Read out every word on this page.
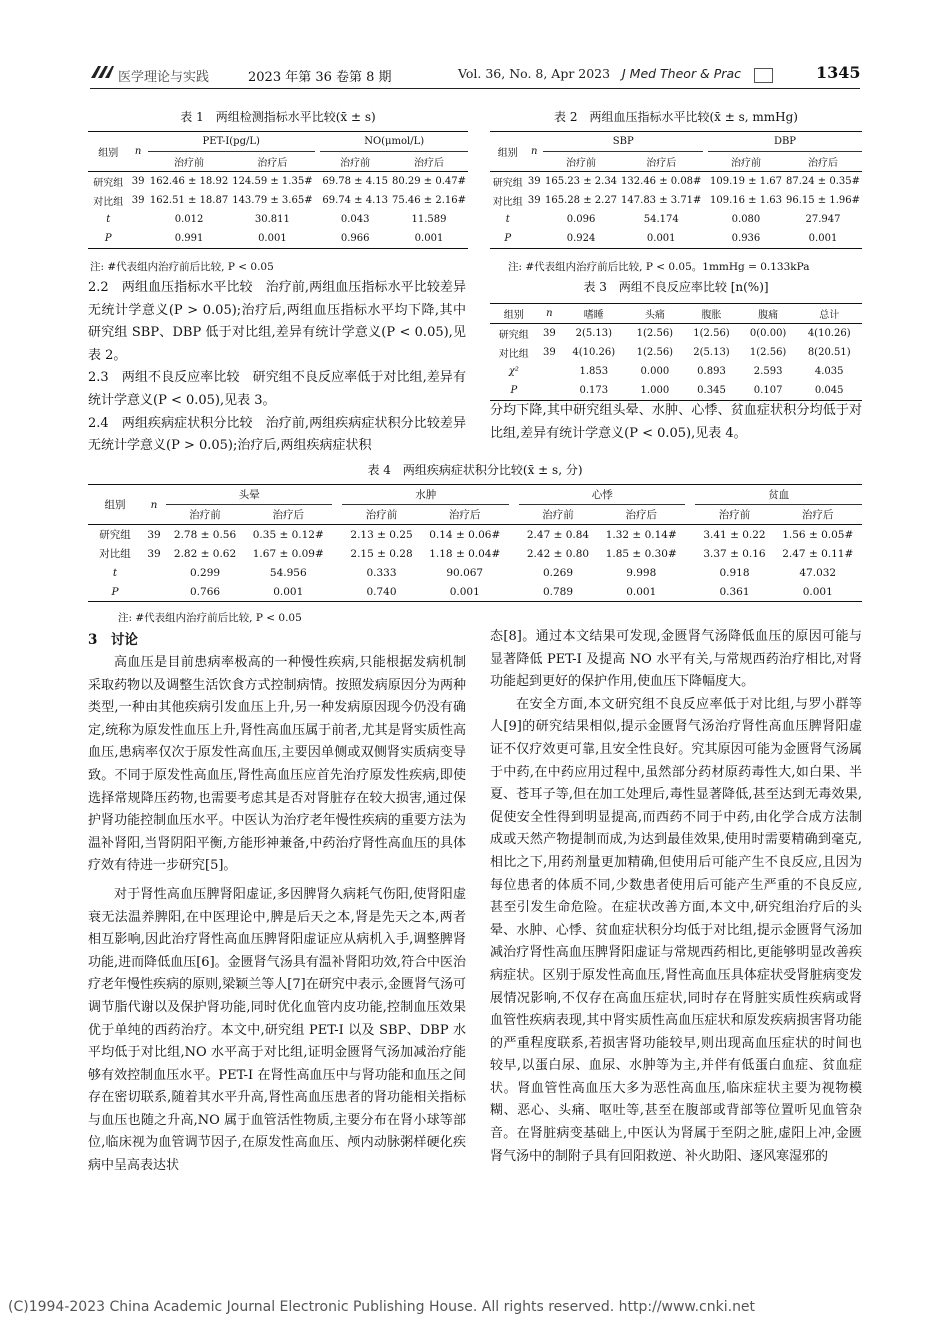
医学理论与实践	2023 年第 36 卷第 8 期	Vol. 36, No. 8, Apr 2023 J Med Theor & Prac	1345
表 1　两组检测指标水平比较(x̄ ± s)
组别	n	PET-I(pg/L)			NO(μmol/L)	
		治疗前	治疗后		治疗前	治疗后
研究组	39	162.46 ± 18.92	124.59 ± 1.35#		69.78 ± 4.15	80.29 ± 0.47#
对比组	39	162.51 ± 18.87	143.79 ± 3.65#		69.74 ± 4.13	75.46 ± 2.16#
t		0.012	30.811		0.043	11.589
P		0.991	0.001		0.966	0.001
注: #代表组内治疗前后比较, P < 0.05
表 2　两组血压指标水平比较(x̄ ± s, mmHg)
组别	n	SBP			DBP	
		治疗前	治疗后		治疗前	治疗后
研究组	39	165.23 ± 2.34	132.46 ± 0.08#		109.19 ± 1.67	87.24 ± 0.35#
对比组	39	165.28 ± 2.27	147.83 ± 3.71#		109.16 ± 1.63	96.15 ± 1.96#
t		0.096	54.174		0.080	27.947
P		0.924	0.001		0.936	0.001
注: #代表组内治疗前后比较, P < 0.05。1mmHg = 0.133kPa
表 3　两组不良反应率比较 [n(%)]
组别	n	嗜睡	头痛	腹胀	腹痛	总计
研究组	39	2(5.13)	1(2.56)	1(2.56)	0(0.00)	4(10.26)
对比组	39	4(10.26)	1(2.56)	2(5.13)	1(2.56)	8(20.51)
χ²		1.853	0.000	0.893	2.593	4.035
P		0.173	1.000	0.345	0.107	0.045

2.2　两组血压指标水平比较　治疗前,两组血压指标水平比较差异无统计学意义(P > 0.05);治疗后,两组血压指标水平均下降,其中研究组 SBP、DBP 低于对比组,差异有统计学意义(P < 0.05),见表 2。

2.3　两组不良反应率比较　研究组不良反应率低于对比组,差异有统计学意义(P < 0.05),见表 3。

2.4　两组疾病症状积分比较　治疗前,两组疾病症状积分比较差异无统计学意义(P > 0.05);治疗后,两组疾病症状积

分均下降,其中研究组头晕、水肿、心悸、贫血症状积分均低于对比组,差异有统计学意义(P < 0.05),见表 4。

表 4　两组疾病症状积分比较(x̄ ± s, 分)
组别	n	头晕			水肿			心悸			贫血	
		治疗前	治疗后		治疗前	治疗后		治疗前	治疗后		治疗前	治疗后
研究组	39	2.78 ± 0.56	0.35 ± 0.12#		2.13 ± 0.25	0.14 ± 0.06#		2.47 ± 0.84	1.32 ± 0.14#		3.41 ± 0.22	1.56 ± 0.05#
对比组	39	2.82 ± 0.62	1.67 ± 0.09#		2.15 ± 0.28	1.18 ± 0.04#		2.42 ± 0.80	1.85 ± 0.30#		3.37 ± 0.16	2.47 ± 0.11#
t		0.299	54.956		0.333	90.067		0.269	9.998		0.918	47.032
P		0.766	0.001		0.740	0.001		0.789	0.001		0.361	0.001
注: #代表组内治疗前后比较, P < 0.05
3　讨论

高血压是目前患病率极高的一种慢性疾病,只能根据发病机制采取药物以及调整生活饮食方式控制病情。按照发病原因分为两种类型,一种由其他疾病引发血压上升,另一种发病原因现今仍没有确定,统称为原发性血压上升,肾性高血压属于前者,尤其是肾实质性高血压,患病率仅次于原发性高血压,主要因单侧或双侧肾实质病变导致。不同于原发性高血压,肾性高血压应首先治疗原发性疾病,即使选择常规降压药物,也需要考虑其是否对肾脏存在较大损害,通过保护肾功能控制血压水平。中医认为治疗老年慢性疾病的重要方法为温补肾阳,当肾阴阳平衡,方能形神兼备,中药治疗肾性高血压的具体疗效有待进一步研究[5]。

对于肾性高血压脾肾阳虚证,多因脾肾久病耗气伤阳,使肾阳虚衰无法温养脾阳,在中医理论中,脾是后天之本,肾是先天之本,两者相互影响,因此治疗肾性高血压脾肾阳虚证应从病机入手,调整脾肾功能,进而降低血压[6]。金匮肾气汤具有温补肾阳功效,符合中医治疗老年慢性疾病的原则,梁颖兰等人[7]在研究中表示,金匮肾气汤可调节脂代谢以及保护肾功能,同时优化血管内皮功能,控制血压效果优于单纯的西药治疗。本文中,研究组 PET-I 以及 SBP、DBP 水平均低于对比组,NO 水平高于对比组,证明金匮肾气汤加减治疗能够有效控制血压水平。PET-I 在肾性高血压中与肾功能和血压之间存在密切联系,随着其水平升高,肾性高血压患者的肾功能相关指标与血压也随之升高,NO 属于血管活性物质,主要分布在肾小球等部位,临床视为血管调节因子,在原发性高血压、颅内动脉粥样硬化疾病中呈高表达状

态[8]。通过本文结果可发现,金匮肾气汤降低血压的原因可能与显著降低 PET-I 及提高 NO 水平有关,与常规西药治疗相比,对肾功能起到更好的保护作用,使血压下降幅度大。

在安全方面,本文研究组不良反应率低于对比组,与罗小群等人[9]的研究结果相似,提示金匮肾气汤治疗肾性高血压脾肾阳虚证不仅疗效更可靠,且安全性良好。究其原因可能为金匮肾气汤属于中药,在中药应用过程中,虽然部分药材原药毒性大,如白果、半夏、苍耳子等,但在加工处理后,毒性显著降低,甚至达到无毒效果,促使安全性得到明显提高,而西药不同于中药,由化学合成方法制成或天然产物提制而成,为达到最佳效果,使用时需要精确到毫克,相比之下,用药剂量更加精确,但使用后可能产生不良反应,且因为每位患者的体质不同,少数患者使用后可能产生严重的不良反应,甚至引发生命危险。在症状改善方面,本文中,研究组治疗后的头晕、水肿、心悸、贫血症状积分均低于对比组,提示金匮肾气汤加减治疗肾性高血压脾肾阳虚证与常规西药相比,更能够明显改善疾病症状。区别于原发性高血压,肾性高血压具体症状受肾脏病变发展情况影响,不仅存在高血压症状,同时存在肾脏实质性疾病或肾血管性疾病表现,其中肾实质性高血压症状和原发疾病损害肾功能的严重程度联系,若损害肾功能较早,则出现高血压症状的时间也较早,以蛋白尿、血尿、水肿等为主,并伴有低蛋白血症、贫血症状。肾血管性高血压大多为恶性高血压,临床症状主要为视物模糊、恶心、头痛、呕吐等,甚至在腹部或背部等位置听见血管杂音。在肾脏病变基础上,中医认为肾属于至阴之脏,虚阳上冲,金匮肾气汤中的制附子具有回阳救逆、补火助阳、逐风寒湿邪的

(C)1994-2023 China Academic Journal Electronic Publishing House. All rights reserved. http://www.cnki.net
